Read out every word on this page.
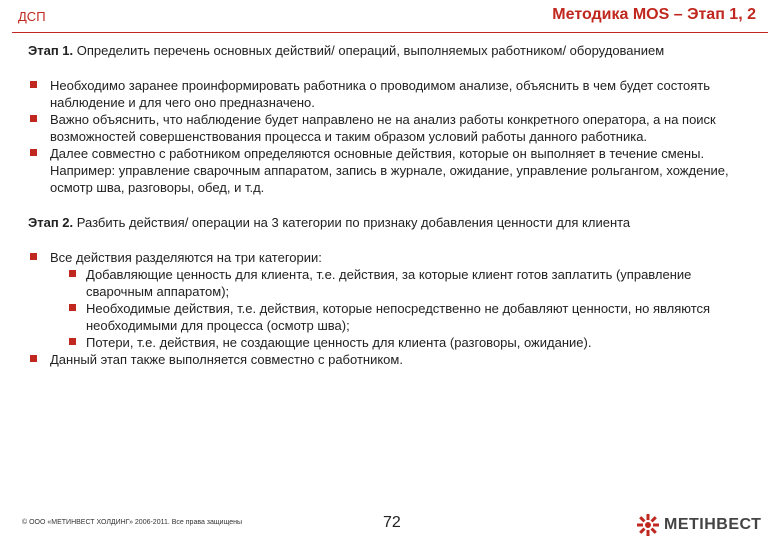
ДСП	Методика MOS – Этап 1, 2

Этап 1. Определить перечень основных действий/ операций, выполняемых работником/ оборудованием

Необходимо заранее проинформировать работника о проводимом анализе, объяснить в чем будет состоять наблюдение и для чего оно предназначено.
Важно объяснить, что наблюдение будет направлено не на анализ работы конкретного оператора, а на поиск возможностей совершенствования процесса и таким образом условий работы данного работника.
Далее совместно с работником определяются основные действия, которые он выполняет в течение смены. Например: управление сварочным аппаратом, запись в журнале, ожидание, управление рольгангом, хождение, осмотр шва, разговоры, обед, и т.д.

Этап 2. Разбить действия/ операции на 3 категории по признаку добавления ценности для клиента

Все действия разделяются на три категории:
Добавляющие ценность для клиента, т.е. действия, за которые клиент готов заплатить (управление сварочным аппаратом);
Необходимые действия, т.е. действия, которые непосредственно не добавляют ценности, но являются необходимыми для процесса (осмотр шва);
Потери, т.е. действия, не создающие ценность для клиента (разговоры, ожидание).
Данный этап также выполняется совместно с работником.
© ООО «МЕТИНВЕСТ ХОЛДИНГ» 2006-2011. Все права защищены	72	МЕТІНВЕСТ
